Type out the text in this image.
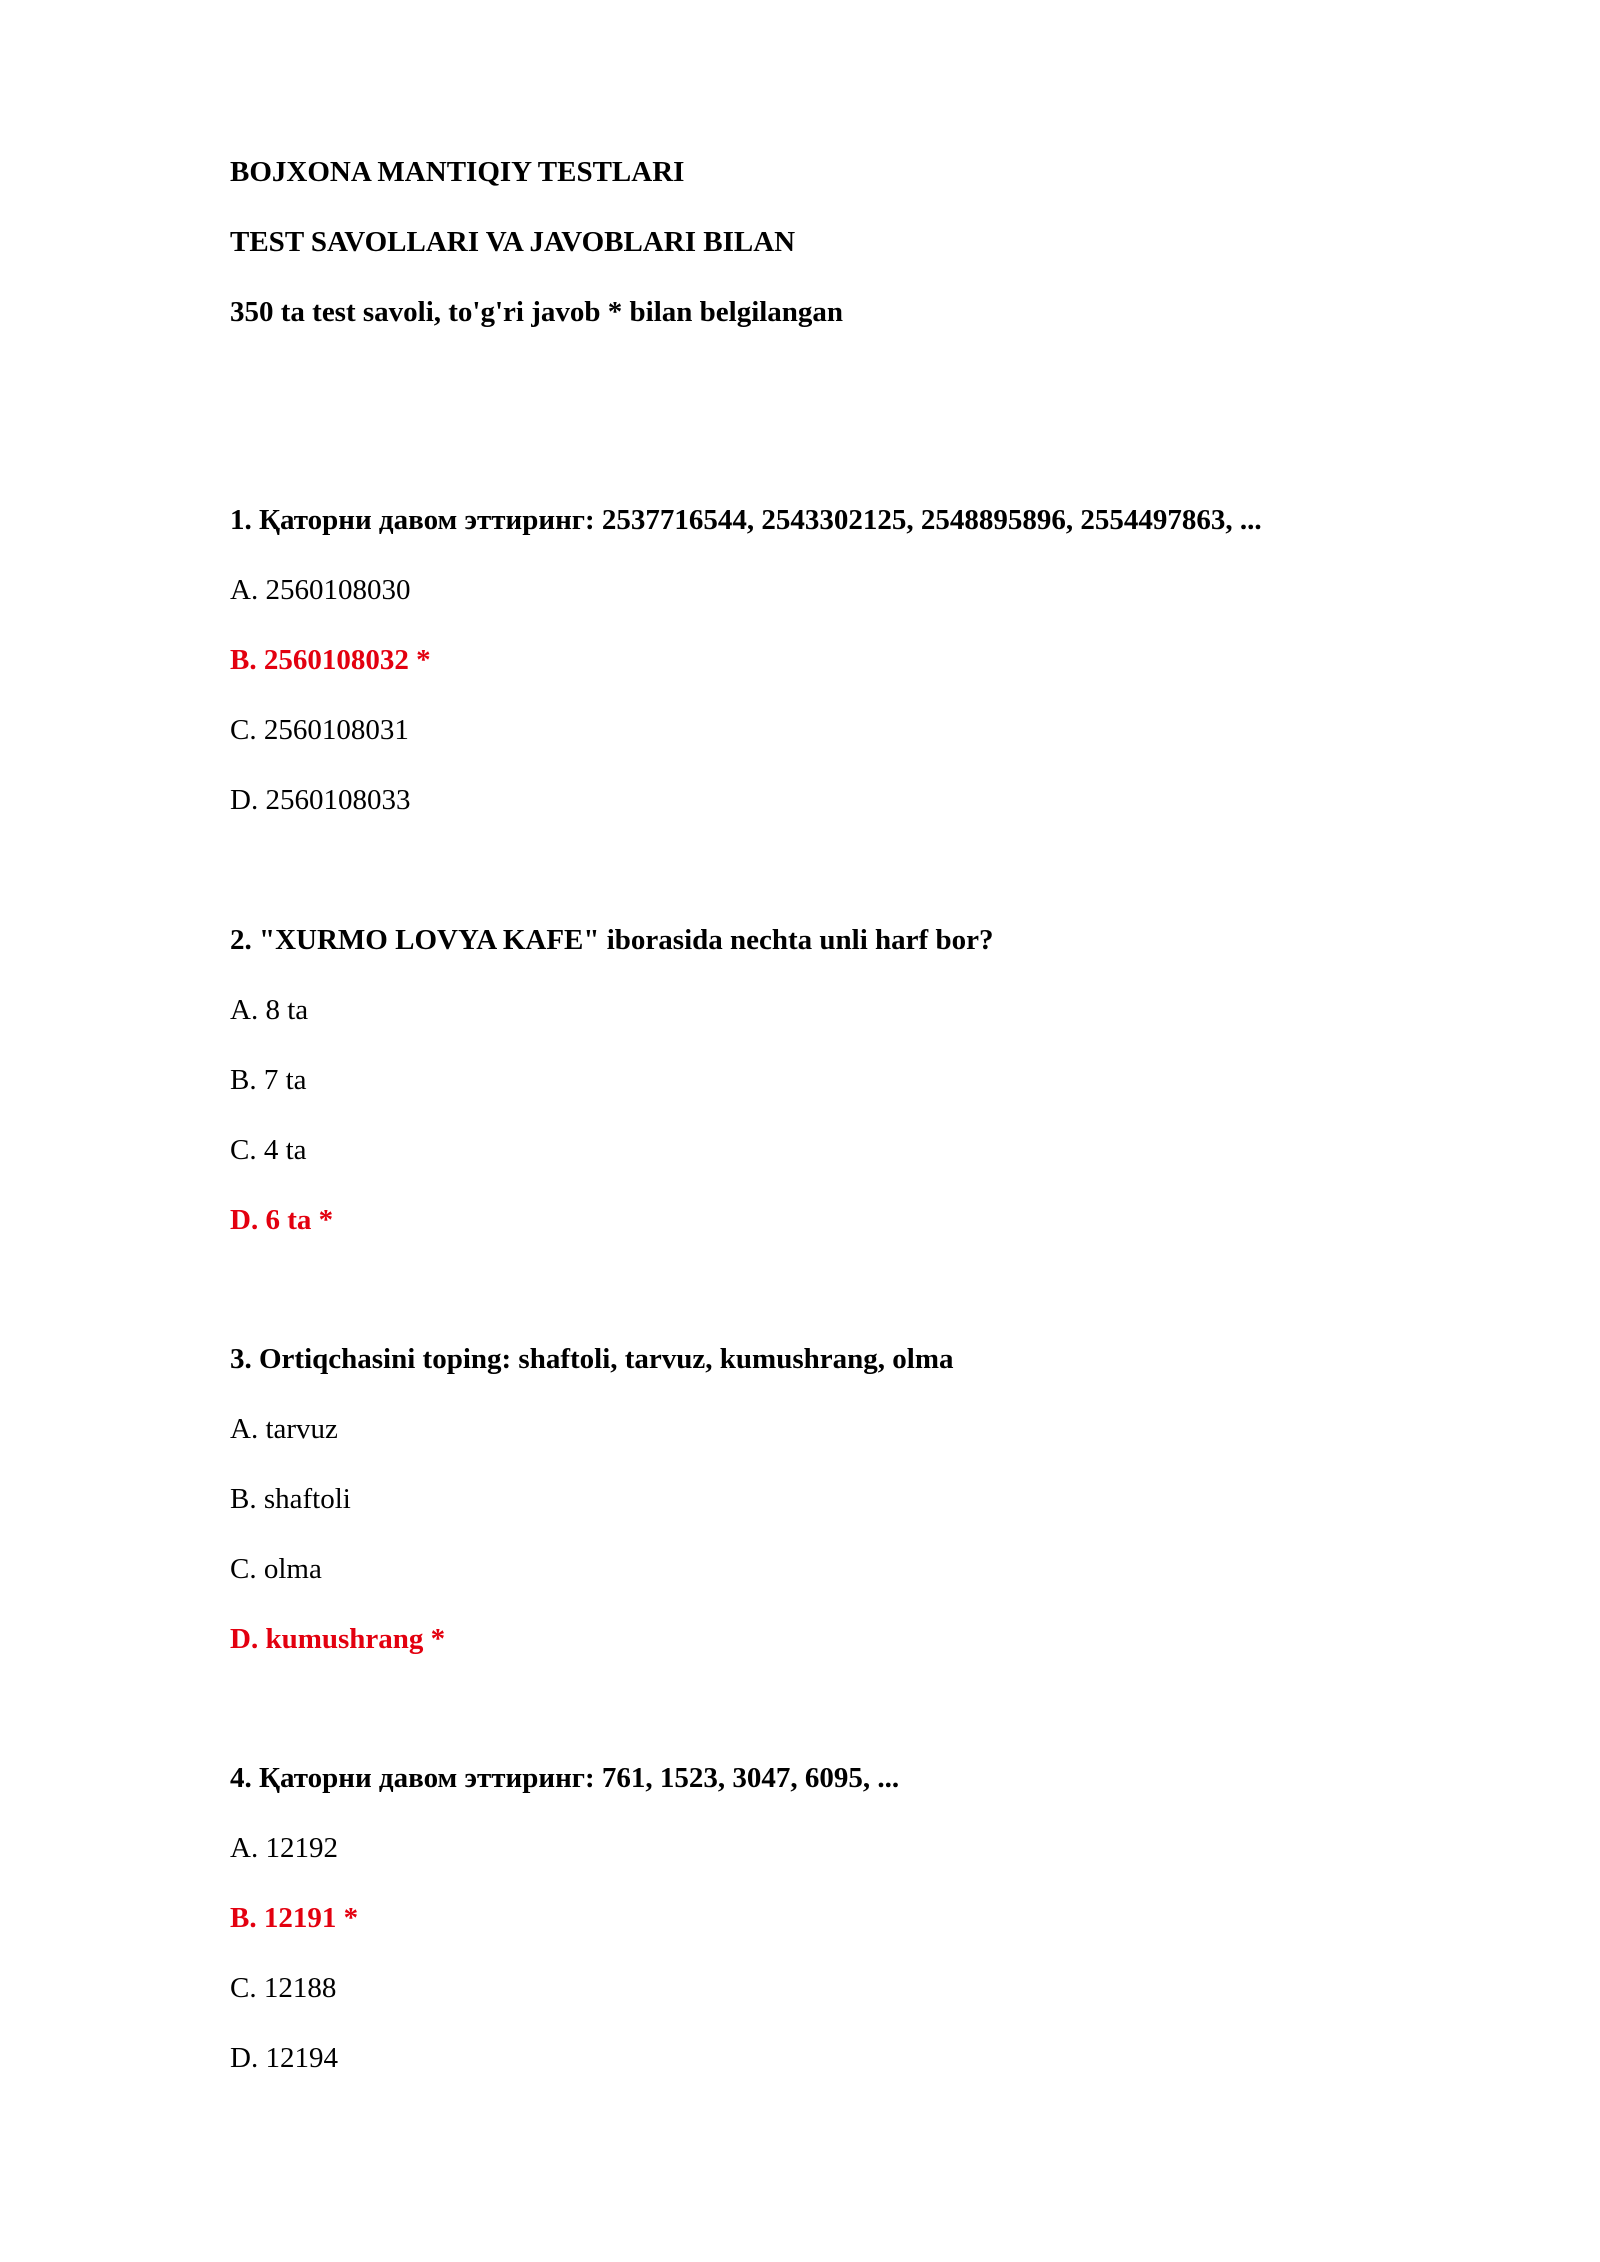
BOJXONA MANTIQIY TESTLARI
TEST SAVOLLARI VA JAVOBLARI BILAN
350 ta test savoli, to'g'ri javob * bilan belgilangan
1. Қаторни давом эттиринг: 2537716544, 2543302125, 2548895896, 2554497863, ...
A. 2560108030
B. 2560108032 *
C. 2560108031
D. 2560108033
2. "XURMO LOVYA KAFE" iborasida nechta unli harf bor?
A. 8 ta
B. 7 ta
C. 4 ta
D. 6 ta *
3. Ortiqchasini toping: shaftoli, tarvuz, kumushrang, olma
A. tarvuz
B. shaftoli
C. olma
D. kumushrang *
4. Қаторни давом эттиринг: 761, 1523, 3047, 6095, ...
A. 12192
B. 12191 *
C. 12188
D. 12194
